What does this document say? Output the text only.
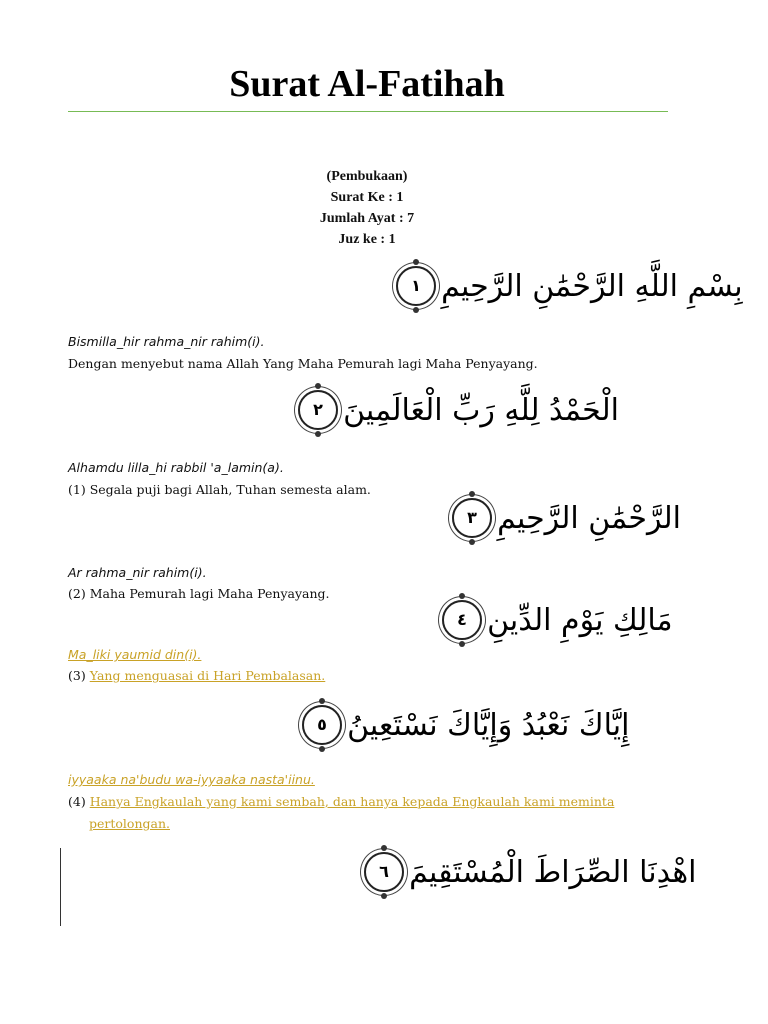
Surat Al-Fatihah
(Pembukaan)
Surat Ke : 1
Jumlah Ayat : 7
Juz ke : 1
بِسْمِ اللَّهِ الرَّحْمَٰنِ الرَّحِيمِ ١
Bismilla_hir rahma_nir rahim(i).
Dengan menyebut nama Allah Yang Maha Pemurah lagi Maha Penyayang.
الْحَمْدُ لِلَّهِ رَبِّ الْعَالَمِينَ ٢
Alhamdu lilla_hi rabbil 'a_lamin(a).
(1) Segala puji bagi Allah, Tuhan semesta alam.
الرَّحْمَٰنِ الرَّحِيمِ ٣
Ar rahma_nir rahim(i).
(2) Maha Pemurah lagi Maha Penyayang.
مَالِكِ يَوْمِ الدِّينِ ٤
Ma_liki yaumid din(i).
(3) Yang menguasai di Hari Pembalasan.
إِيَّاكَ نَعْبُدُ وَإِيَّاكَ نَسْتَعِينُ ٥
iyyaaka na'budu wa-iyyaaka nasta'iinu.
(4) Hanya Engkaulah yang kami sembah, dan hanya kepada Engkaulah kami meminta
pertolongan.
اهْدِنَا الصِّرَاطَ الْمُسْتَقِيمَ ٦
